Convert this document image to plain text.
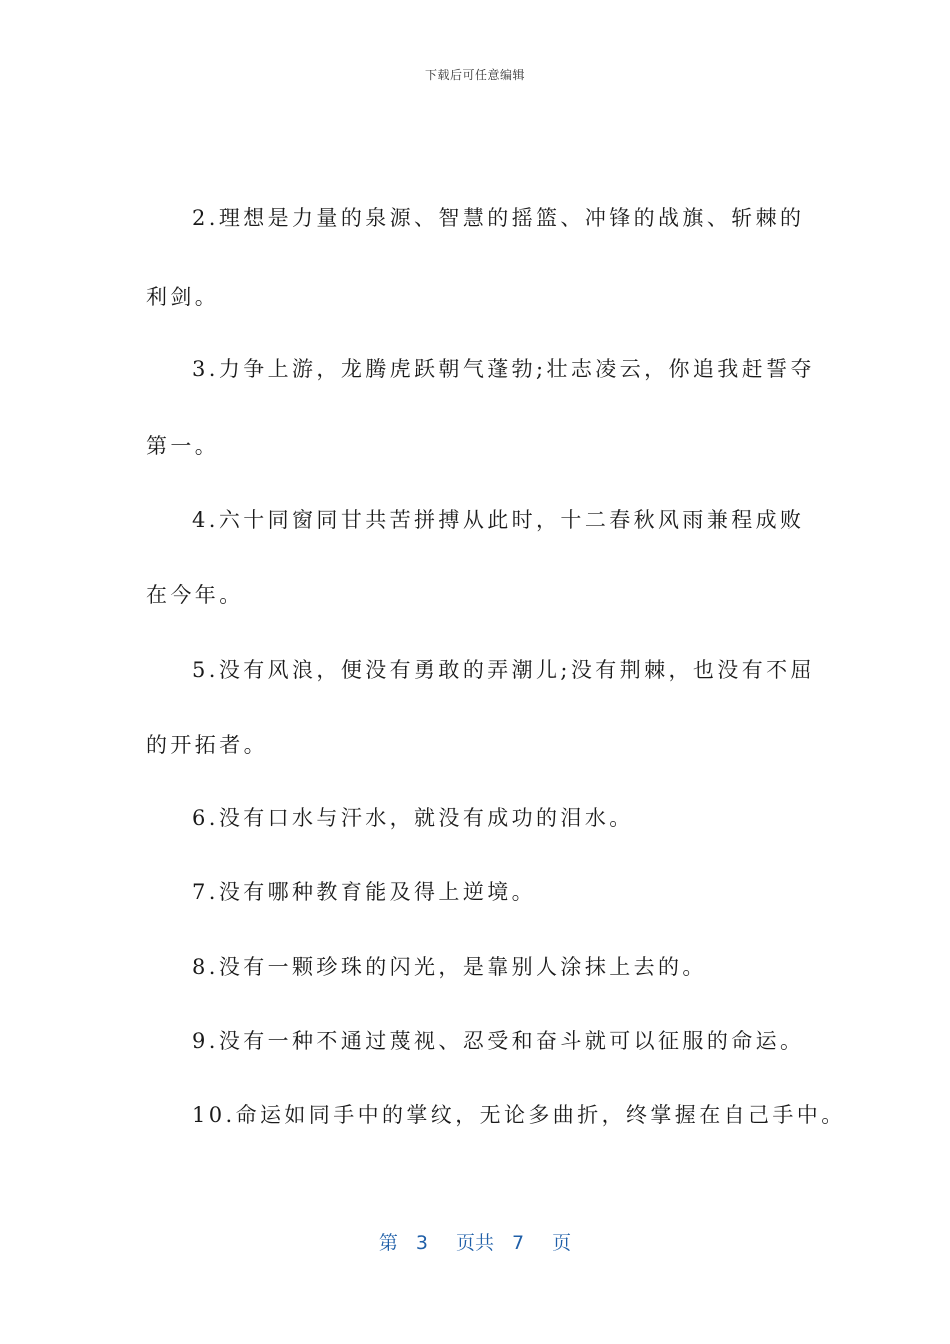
下载后可任意编辑
2.理想是力量的泉源、智慧的摇篮、冲锋的战旗、斩棘的
利剑。
3.力争上游，龙腾虎跃朝气蓬勃;壮志凌云，你追我赶誓夺
第一。
4.六十同窗同甘共苦拼搏从此时，十二春秋风雨兼程成败
在今年。
5.没有风浪，便没有勇敢的弄潮儿;没有荆棘，也没有不屈
的开拓者。
6.没有口水与汗水，就没有成功的泪水。
7.没有哪种教育能及得上逆境。
8.没有一颗珍珠的闪光，是靠别人涂抹上去的。
9.没有一种不通过蔑视、忍受和奋斗就可以征服的命运。
10.命运如同手中的掌纹，无论多曲折，终掌握在自己手中。
第 3 页共 7 页
